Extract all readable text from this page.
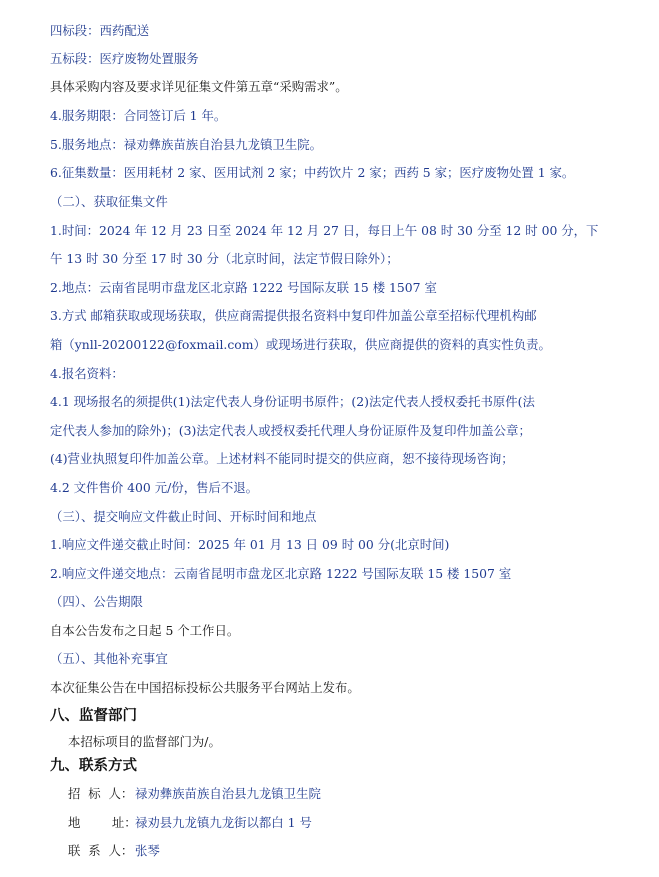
四标段：西药配送
五标段：医疗废物处置服务
具体采购内容及要求详见征集文件第五章“采购需求”。
4.服务期限：合同签订后 1 年。
5.服务地点：禄劝彝族苗族自治县九龙镇卫生院。
6.征集数量：医用耗材 2 家、医用试剂 2 家；中药饮片 2 家；西药 5 家；医疗废物处置 1 家。
（二）、获取征集文件
1.时间：2024 年 12 月 23 日至 2024 年 12 月 27 日，每日上午 08 时 30 分至 12 时 00 分，下
午 13 时 30 分至 17 时 30 分（北京时间，法定节假日除外）；
2.地点：云南省昆明市盘龙区北京路 1222 号国际友联 15 楼 1507 室
3.方式 邮箱获取或现场获取，供应商需提供报名资料中复印件加盖公章至招标代理机构邮
箱（ynll-20200122@foxmail.com）或现场进行获取，供应商提供的资料的真实性负责。
4.报名资料：
4.1 现场报名的须提供(1)法定代表人身份证明书原件；(2)法定代表人授权委托书原件(法
定代表人参加的除外)；(3)法定代表人或授权委托代理人身份证原件及复印件加盖公章；
(4)营业执照复印件加盖公章。上述材料不能同时提交的供应商，恕不接待现场咨询；
4.2 文件售价 400 元/份，售后不退。
（三）、提交响应文件截止时间、开标时间和地点
1.响应文件递交截止时间：2025 年 01 月 13 日 09 时 00 分(北京时间)
2.响应文件递交地点：云南省昆明市盘龙区北京路 1222 号国际友联 15 楼 1507 室
（四）、公告期限
自本公告发布之日起 5 个工作日。
（五）、其他补充事宜
本次征集公告在中国招标投标公共服务平台网站上发布。
八、监督部门
本招标项目的监督部门为/。
九、联系方式
招  标  人： 禄劝彝族苗族自治县九龙镇卫生院
地        址：
禄劝县九龙镇九龙街以都白 1 号
联  系  人： 张琴
